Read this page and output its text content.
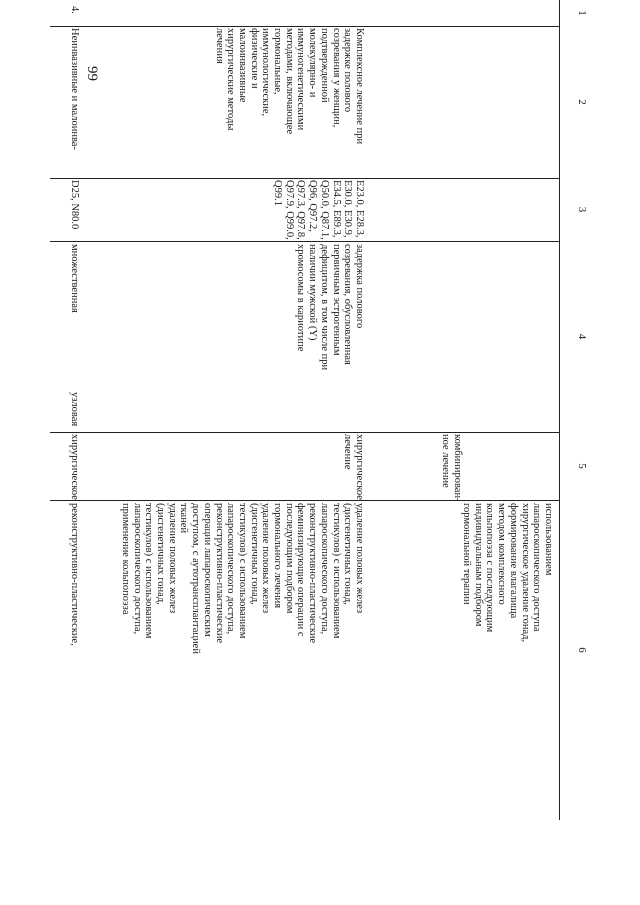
99
1
2
3
4
5
6
комбинирован-
ное лечение
использованием
лапароскопического доступа
хирургическое удаление гонад,
формирование влагалища
методом комплексного
кольпопоэза с последующим
индивидуальным подбором
гормональной терапии
Комплексное лечение при
задержке полового
созревания у женщин,
подтвержденной
молекулярно- и
иммуногенетическими
методами, включающее
гормональные,
иммунологические,
физические и
малоинвазивные
хирургические методы
лечения
E23.0, E28.3,
E30.0, E30.9,
E34.5, E89.3,
Q50.0, Q87.1,
Q96, Q97.2,
Q97.3, Q97.8,
Q97.9, Q99.0,
Q99.1
задержка полового
созревания, обусловленная
первичным эстрогенным
дефицитом, в том числе при
наличии мужской (Y)
хромосомы в кариотипе
хирургическое
лечение
удаление половых желез
(дисгенетичных гонад,
тестикулов) с использованием
лапароскопического доступа,
реконструктивно-пластические
феминизирующие операции с
последующим подбором
гормонального лечения
удаление половых желез
(дисгенетичных гонад,
тестикулов) с использованием
лапароскопического доступа,
реконструктивно-пластические
операции лапароскопическим
доступом, с аутотрансплантацией
тканей
удаление половых желез
(дисгенетичных гонад,
тестикулов) с использованием
лапароскопического доступа,
применение кольпопоэза
4.
Неинвазивные и малоинва-
D25, N80.0
множественная
узловая
хирургическое
реконструктивно-пластические,
